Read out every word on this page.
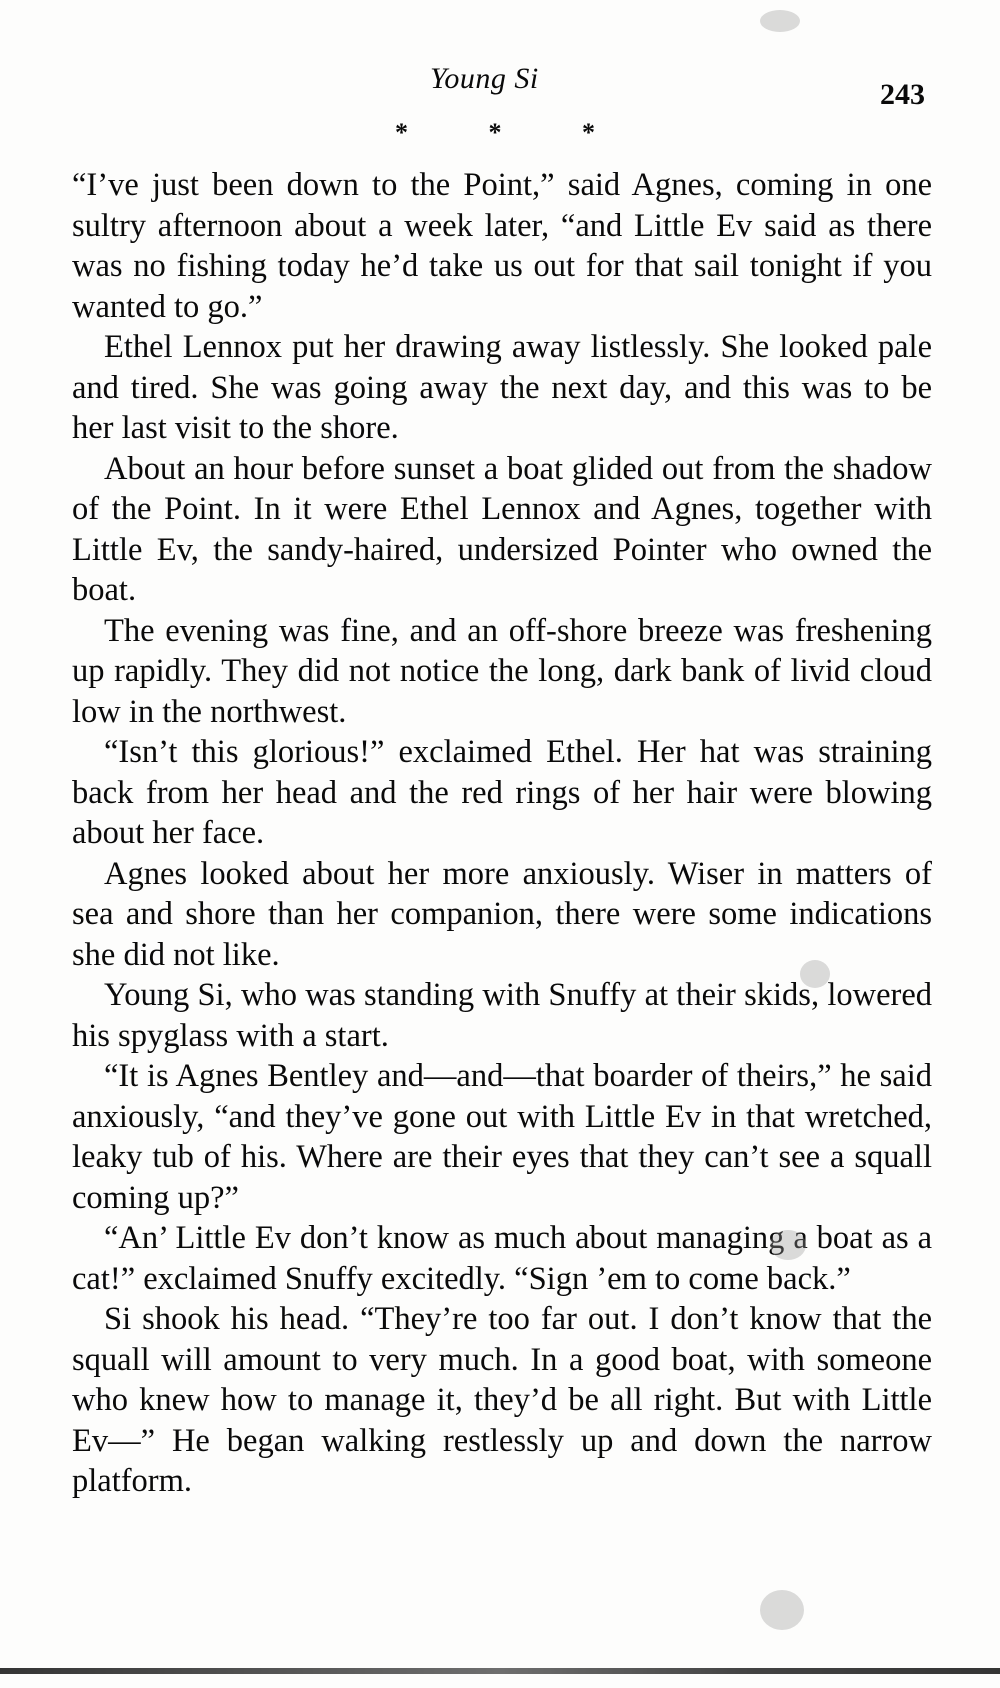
Young Si	243
*	*	*

“I’ve just been down to the Point,” said Agnes, coming in one sultry afternoon about a week later, “and Little Ev said as there was no fishing today he’d take us out for that sail tonight if you wanted to go.”

Ethel Lennox put her drawing away listlessly. She looked pale and tired. She was going away the next day, and this was to be her last visit to the shore.

About an hour before sunset a boat glided out from the shadow of the Point. In it were Ethel Lennox and Agnes, together with Little Ev, the sandy-haired, undersized Pointer who owned the boat.

The evening was fine, and an off-shore breeze was freshening up rapidly. They did not notice the long, dark bank of livid cloud low in the northwest.

“Isn’t this glorious!” exclaimed Ethel. Her hat was straining back from her head and the red rings of her hair were blowing about her face.

Agnes looked about her more anxiously. Wiser in matters of sea and shore than her companion, there were some indications she did not like.

Young Si, who was standing with Snuffy at their skids, lowered his spyglass with a start.

“It is Agnes Bentley and—and—that boarder of theirs,” he said anxiously, “and they’ve gone out with Little Ev in that wretched, leaky tub of his. Where are their eyes that they can’t see a squall coming up?”

“An’ Little Ev don’t know as much about managing a boat as a cat!” exclaimed Snuffy excitedly. “Sign ’em to come back.”

Si shook his head. “They’re too far out. I don’t know that the squall will amount to very much. In a good boat, with someone who knew how to manage it, they’d be all right. But with Little Ev—” He began walking restlessly up and down the narrow platform.
